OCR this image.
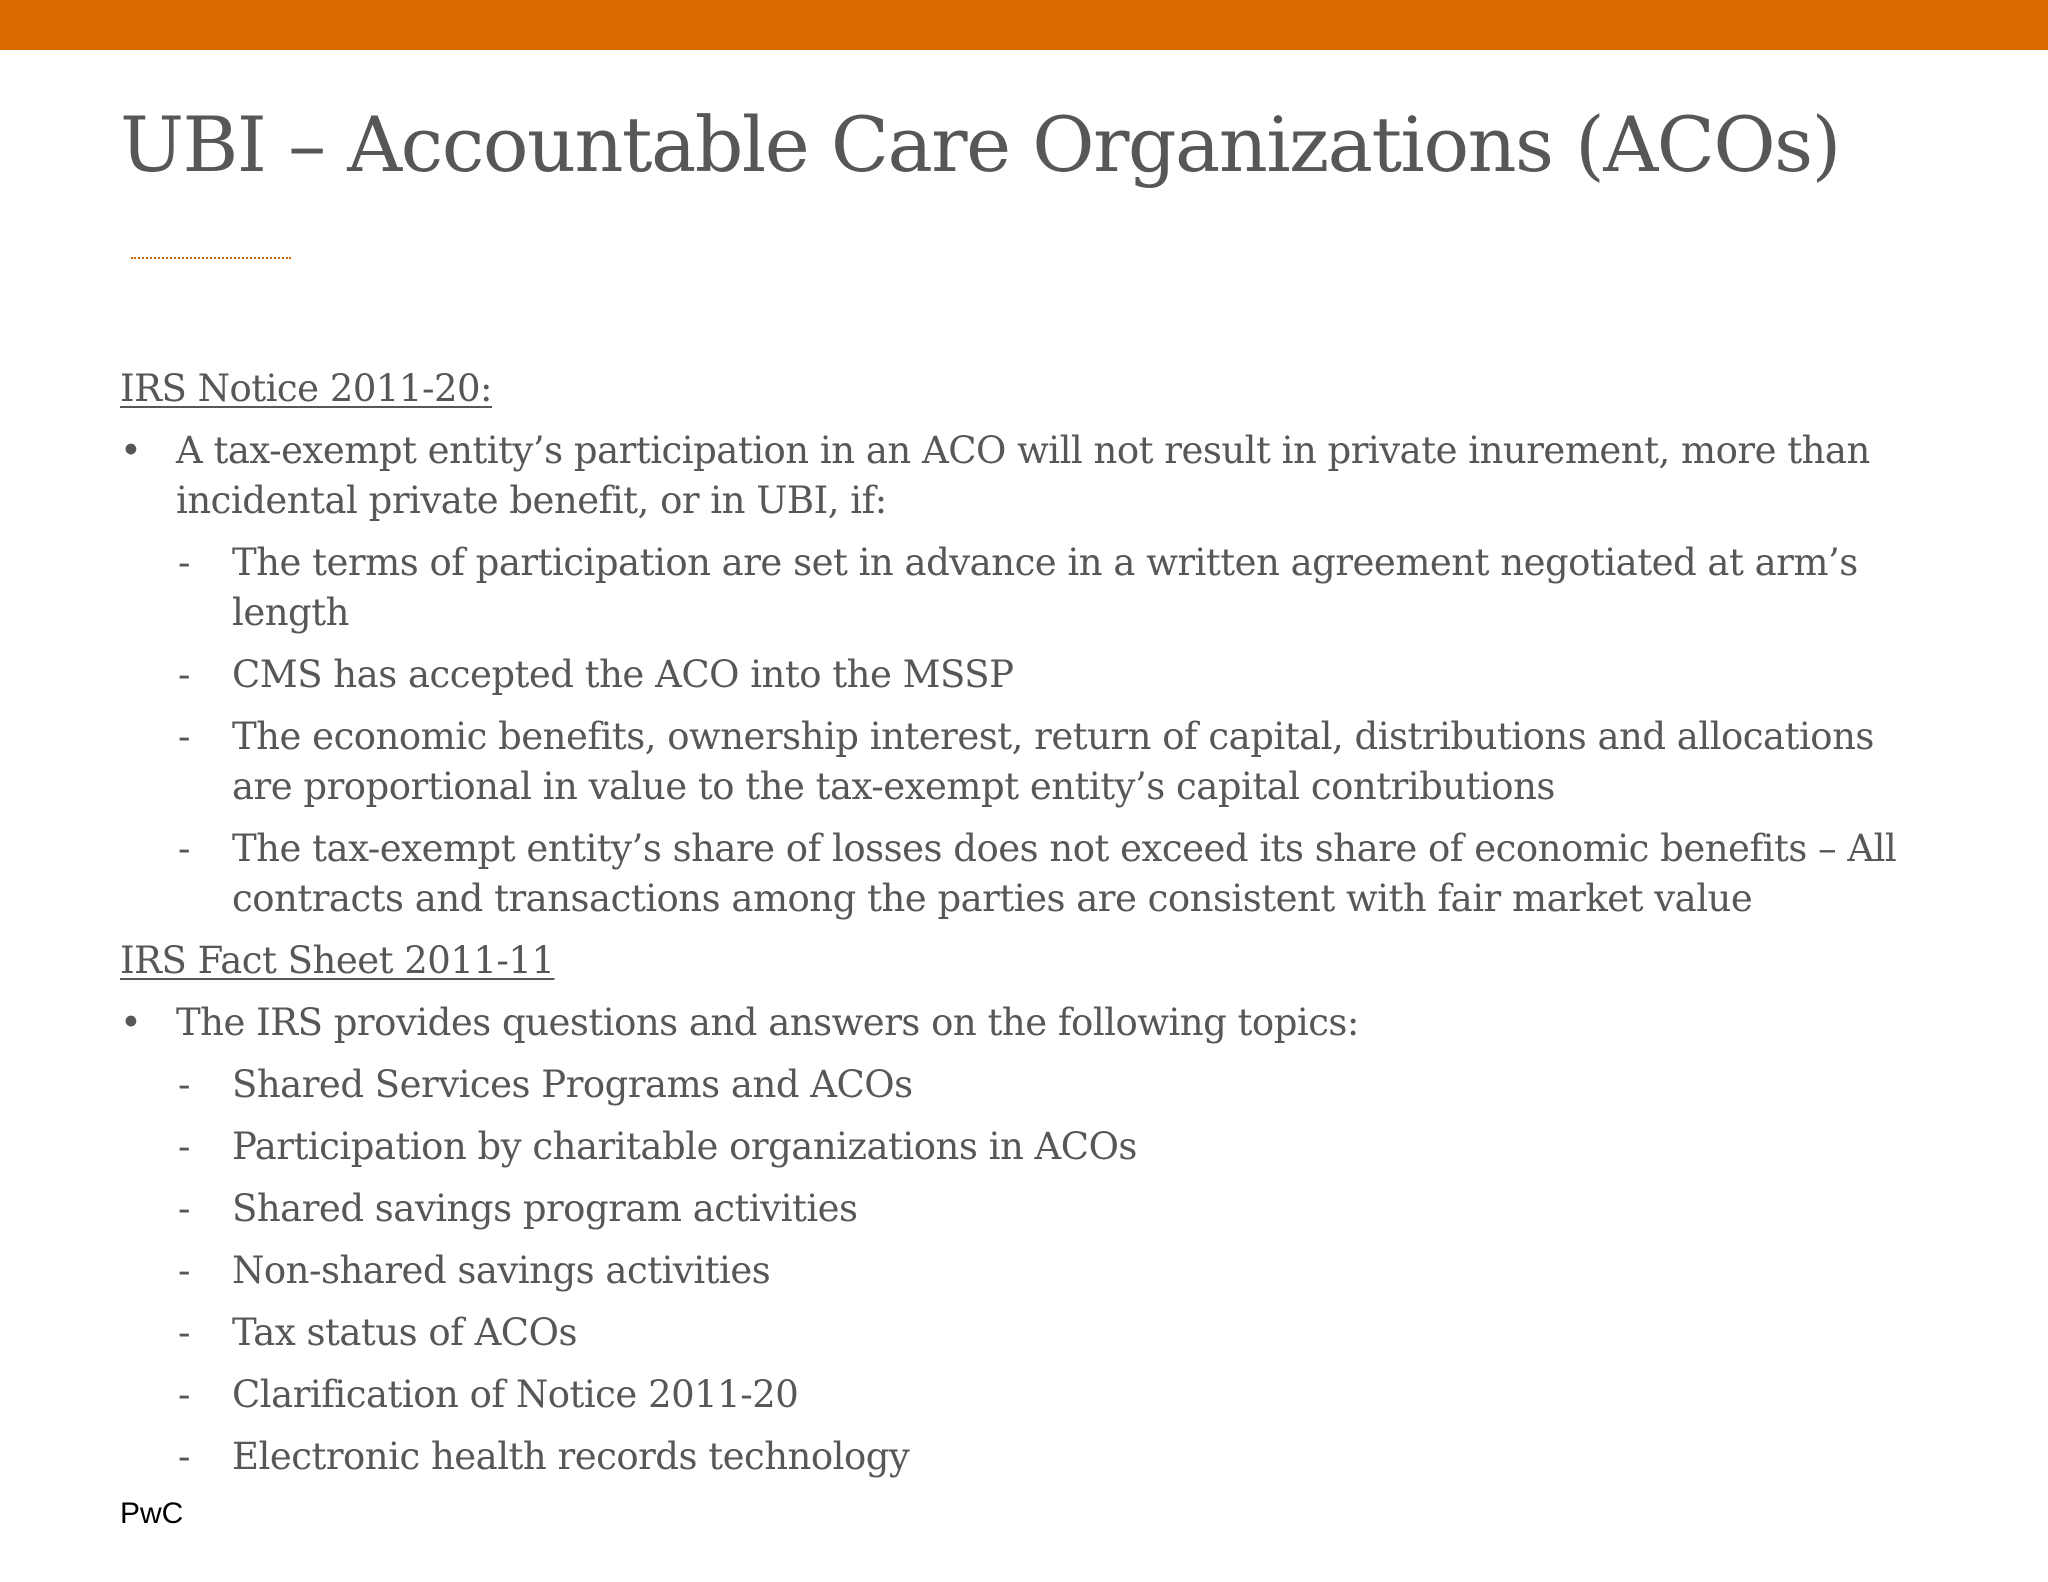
UBI – Accountable Care Organizations (ACOs)
IRS Notice 2011-20:
• A tax-exempt entity’s participation in an ACO will not result in private inurement, more than incidental private benefit, or in UBI, if:
-	The terms of participation are set in advance in a written agreement negotiated at arm’s length
-	CMS has accepted the ACO into the MSSP
-	The economic benefits, ownership interest, return of capital, distributions and allocations are proportional in value to the tax-exempt entity’s capital contributions
-	The tax-exempt entity’s share of losses does not exceed its share of economic benefits – All contracts and transactions among the parties are consistent with fair market value
IRS Fact Sheet 2011-11
• The IRS provides questions and answers on the following topics:
-	Shared Services Programs and ACOs
-	Participation by charitable organizations in ACOs
-	Shared savings program activities
-	Non-shared savings activities
-	Tax status of ACOs
-	Clarification of Notice 2011-20
-	Electronic health records technology
PwC
